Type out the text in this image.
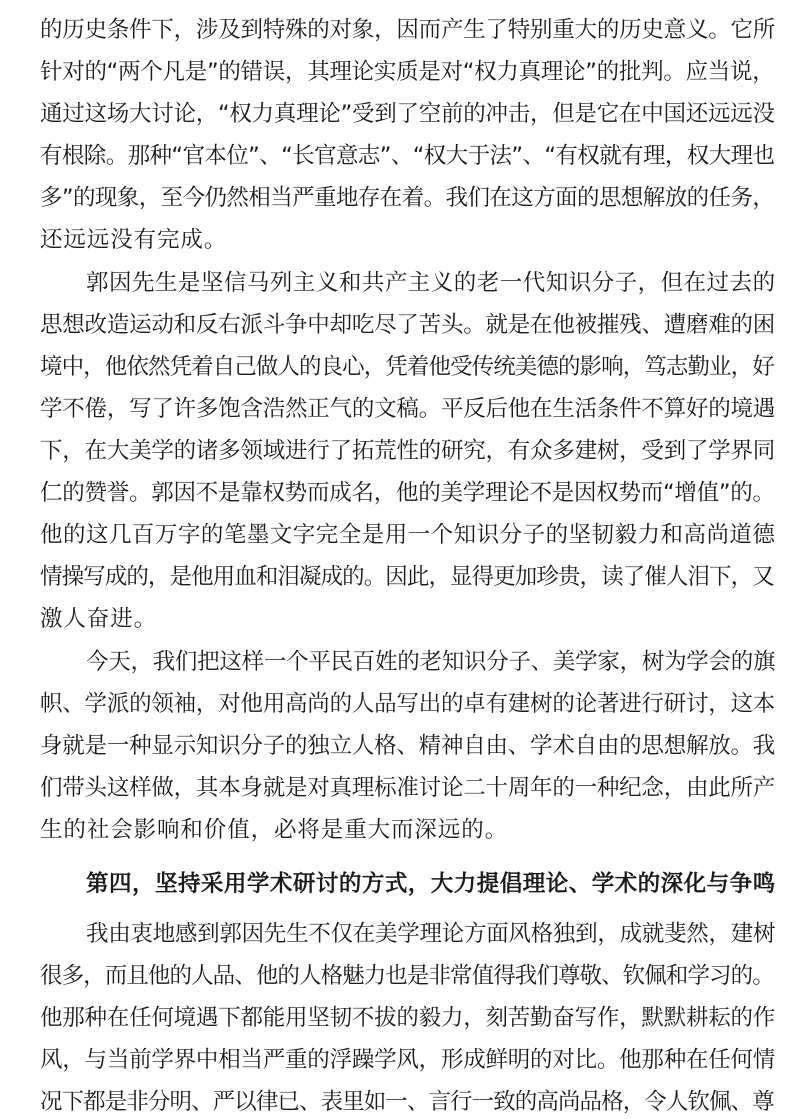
的历史条件下，涉及到特殊的对象，因而产生了特别重大的历史意义。它所
针对的“两个凡是”的错误，其理论实质是对“权力真理论”的批判。应当说，
通过这场大讨论，“权力真理论”受到了空前的冲击，但是它在中国还远远没
有根除。那种“官本位”、“长官意志”、“权大于法”、“有权就有理，权大理也
多”的现象，至今仍然相当严重地存在着。我们在这方面的思想解放的任务，
还远远没有完成。
郭因先生是坚信马列主义和共产主义的老一代知识分子，但在过去的
思想改造运动和反右派斗争中却吃尽了苦头。就是在他被摧残、遭磨难的困
境中，他依然凭着自己做人的良心，凭着他受传统美德的影响，笃志勤业，好
学不倦，写了许多饱含浩然正气的文稿。平反后他在生活条件不算好的境遇
下，在大美学的诸多领域进行了拓荒性的研究，有众多建树，受到了学界同
仁的赞誉。郭因不是靠权势而成名，他的美学理论不是因权势而“增值”的。
他的这几百万字的笔墨文字完全是用一个知识分子的坚韧毅力和高尚道德
情操写成的，是他用血和泪凝成的。因此，显得更加珍贵，读了催人泪下，又
激人奋进。
今天，我们把这样一个平民百姓的老知识分子、美学家，树为学会的旗
帜、学派的领袖，对他用高尚的人品写出的卓有建树的论著进行研讨，这本
身就是一种显示知识分子的独立人格、精神自由、学术自由的思想解放。我
们带头这样做，其本身就是对真理标准讨论二十周年的一种纪念，由此所产
生的社会影响和价值，必将是重大而深远的。
第四，坚持采用学术研讨的方式，大力提倡理论、学术的深化与争鸣
我由衷地感到郭因先生不仅在美学理论方面风格独到，成就斐然，建树
很多，而且他的人品、他的人格魅力也是非常值得我们尊敬、钦佩和学习的。
他那种在任何境遇下都能用坚韧不拔的毅力，刻苦勤奋写作，默默耕耘的作
风，与当前学界中相当严重的浮躁学风，形成鲜明的对比。他那种在任何情
况下都是非分明、严以律已、表里如一、言行一致的高尚品格，令人钦佩、尊
